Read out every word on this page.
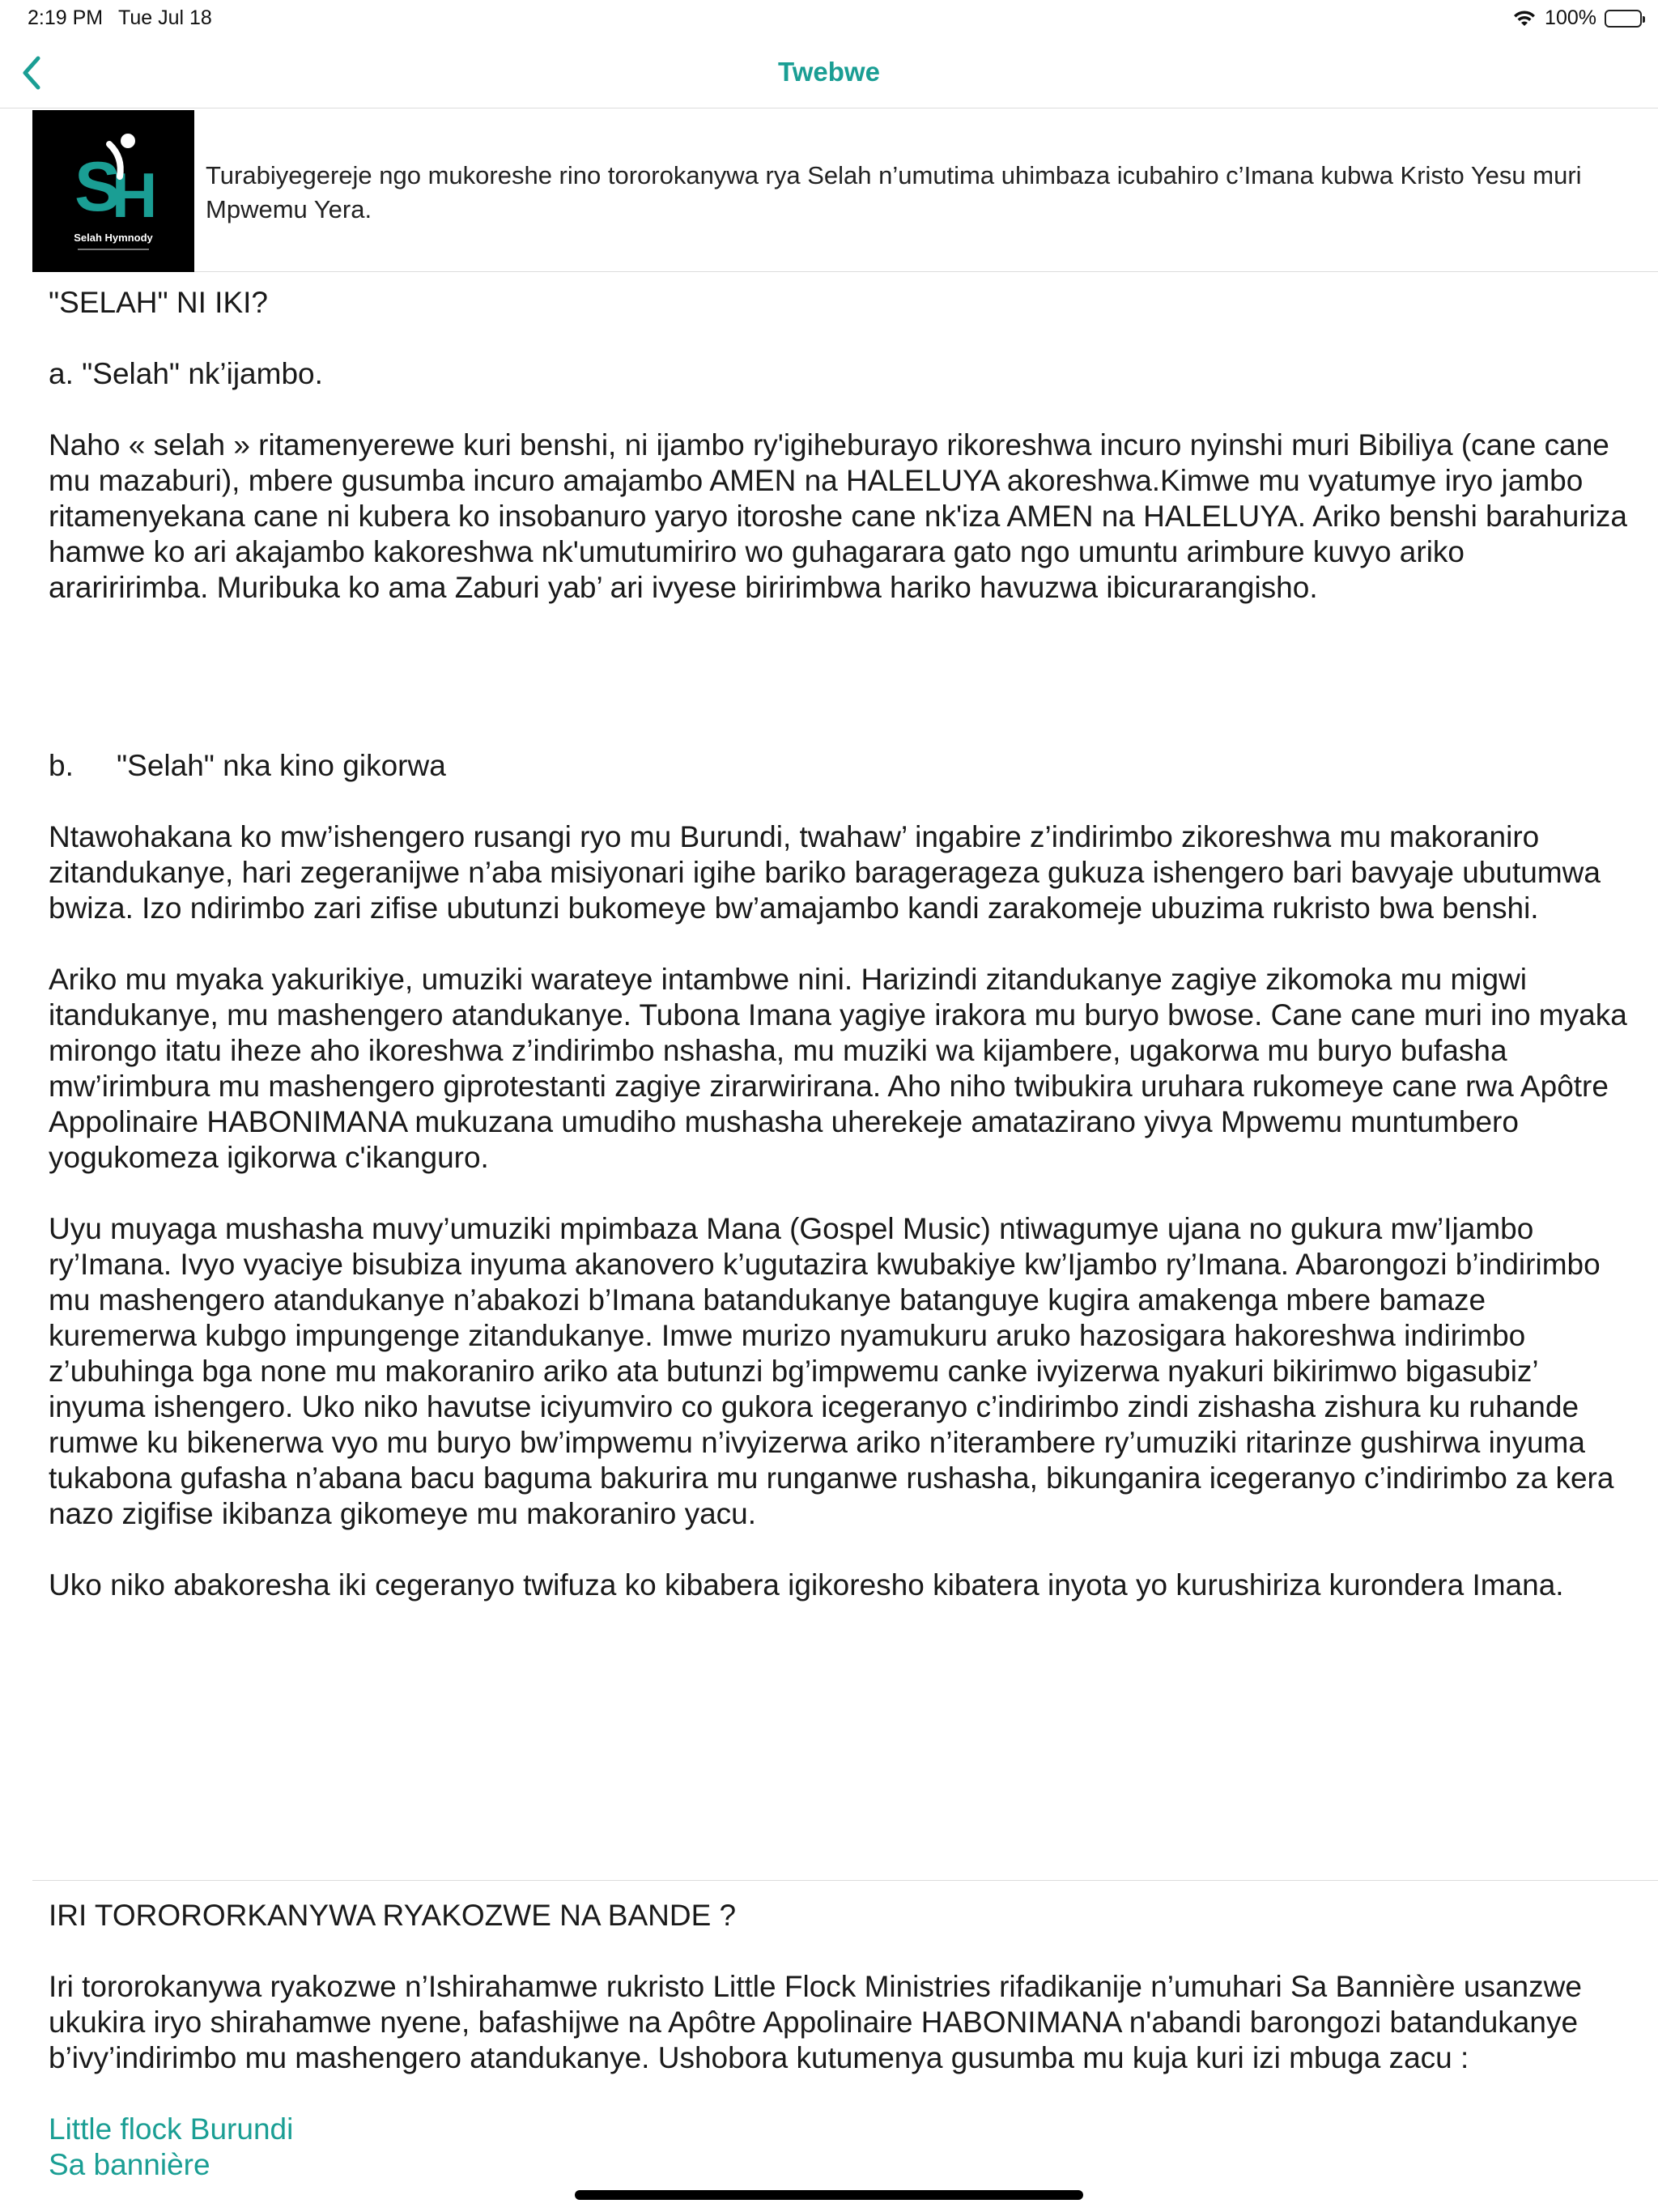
2:19 PM Tue Jul 18	100%
Twebwe
S
H
Selah Hymnody
Turabiyegereje ngo mukoreshe rino tororokanywa rya Selah n’umutima uhimbaza icubahiro c’Imana kubwa Kristo Yesu muri Mpwemu Yera.

"SELAH" NI IKI?

a. "Selah" nk’ijambo.

Naho « selah » ritamenyerewe kuri benshi, ni ijambo ry'igiheburayo rikoreshwa incuro nyinshi muri Bibiliya (cane cane mu mazaburi), mbere gusumba incuro amajambo AMEN na HALELUYA akoreshwa.Kimwe mu vyatumye iryo jambo ritamenyekana cane ni kubera ko insobanuro yaryo itoroshe cane nk'iza AMEN na HALELUYA. Ariko benshi barahuriza hamwe ko ari akajambo kakoreshwa nk'umutumiriro wo guhagarara gato ngo umuntu arimbure kuvyo ariko arariririmba. Muribuka ko ama Zaburi yab’ ari ivyese biririmbwa hariko havuzwa ibicurarangisho.

b. "Selah" nka kino gikorwa

Ntawohakana ko mw’ishengero rusangi ryo mu Burundi, twahaw’ ingabire z’indirimbo zikoreshwa mu makoraniro zitandukanye, hari zegeranijwe n’aba misiyonari igihe bariko baragerageza gukuza ishengero bari bavyaje ubutumwa bwiza. Izo ndirimbo zari zifise ubutunzi bukomeye bw’amajambo kandi zarakomeje ubuzima rukristo bwa benshi.

Ariko mu myaka yakurikiye, umuziki warateye intambwe nini. Harizindi zitandukanye zagiye zikomoka mu migwi itandukanye, mu mashengero atandukanye. Tubona Imana yagiye irakora mu buryo bwose. Cane cane muri ino myaka mirongo itatu iheze aho ikoreshwa z’indirimbo nshasha, mu muziki wa kijambere, ugakorwa mu buryo bufasha mw’irimbura mu mashengero giprotestanti zagiye zirarwirirana. Aho niho twibukira uruhara rukomeye cane rwa Apôtre Appolinaire HABONIMANA mukuzana umudiho mushasha uherekeje amatazirano yivya Mpwemu muntumbero yogukomeza igikorwa c'ikanguro.

Uyu muyaga mushasha muvy’umuziki mpimbaza Mana (Gospel Music) ntiwagumye ujana no gukura mw’Ijambo ry’Imana. Ivyo vyaciye bisubiza inyuma akanovero k’ugutazira kwubakiye kw’Ijambo ry’Imana. Abarongozi b’indirimbo mu mashengero atandukanye n’abakozi b’Imana batandukanye batanguye kugira amakenga mbere bamaze kuremerwa kubgo impungenge zitandukanye. Imwe murizo nyamukuru aruko hazosigara hakoreshwa indirimbo z’ubuhinga bga none mu makoraniro ariko ata butunzi bg’impwemu canke ivyizerwa nyakuri bikirimwo bigasubiz’ inyuma ishengero. Uko niko havutse iciyumviro co gukora icegeranyo c’indirimbo zindi zishasha zishura ku ruhande rumwe ku bikenerwa vyo mu buryo bw’impwemu n’ivyizerwa ariko n’iterambere ry’umuziki ritarinze gushirwa inyuma tukabona gufasha n’abana bacu baguma bakurira mu runganwe rushasha, bikunganira icegeranyo c’indirimbo za kera nazo zigifise ikibanza gikomeye mu makoraniro yacu.

Uko niko abakoresha iki cegeranyo twifuza ko kibabera igikoresho kibatera inyota yo kurushiriza kurondera Imana.

IRI TORORORKANYWA RYAKOZWE NA BANDE ?

Iri tororokanywa ryakozwe n’Ishirahamwe rukristo Little Flock Ministries rifadikanije n’umuhari Sa Bannière usanzwe ukukira iryo shirahamwe nyene, bafashijwe na Apôtre Appolinaire HABONIMANA n'abandi barongozi batandukanye b’ivy’indirimbo mu mashengero atandukanye. Ushobora kutumenya gusumba mu kuja kuri izi mbuga zacu :

Little flock Burundi
Sa bannière
